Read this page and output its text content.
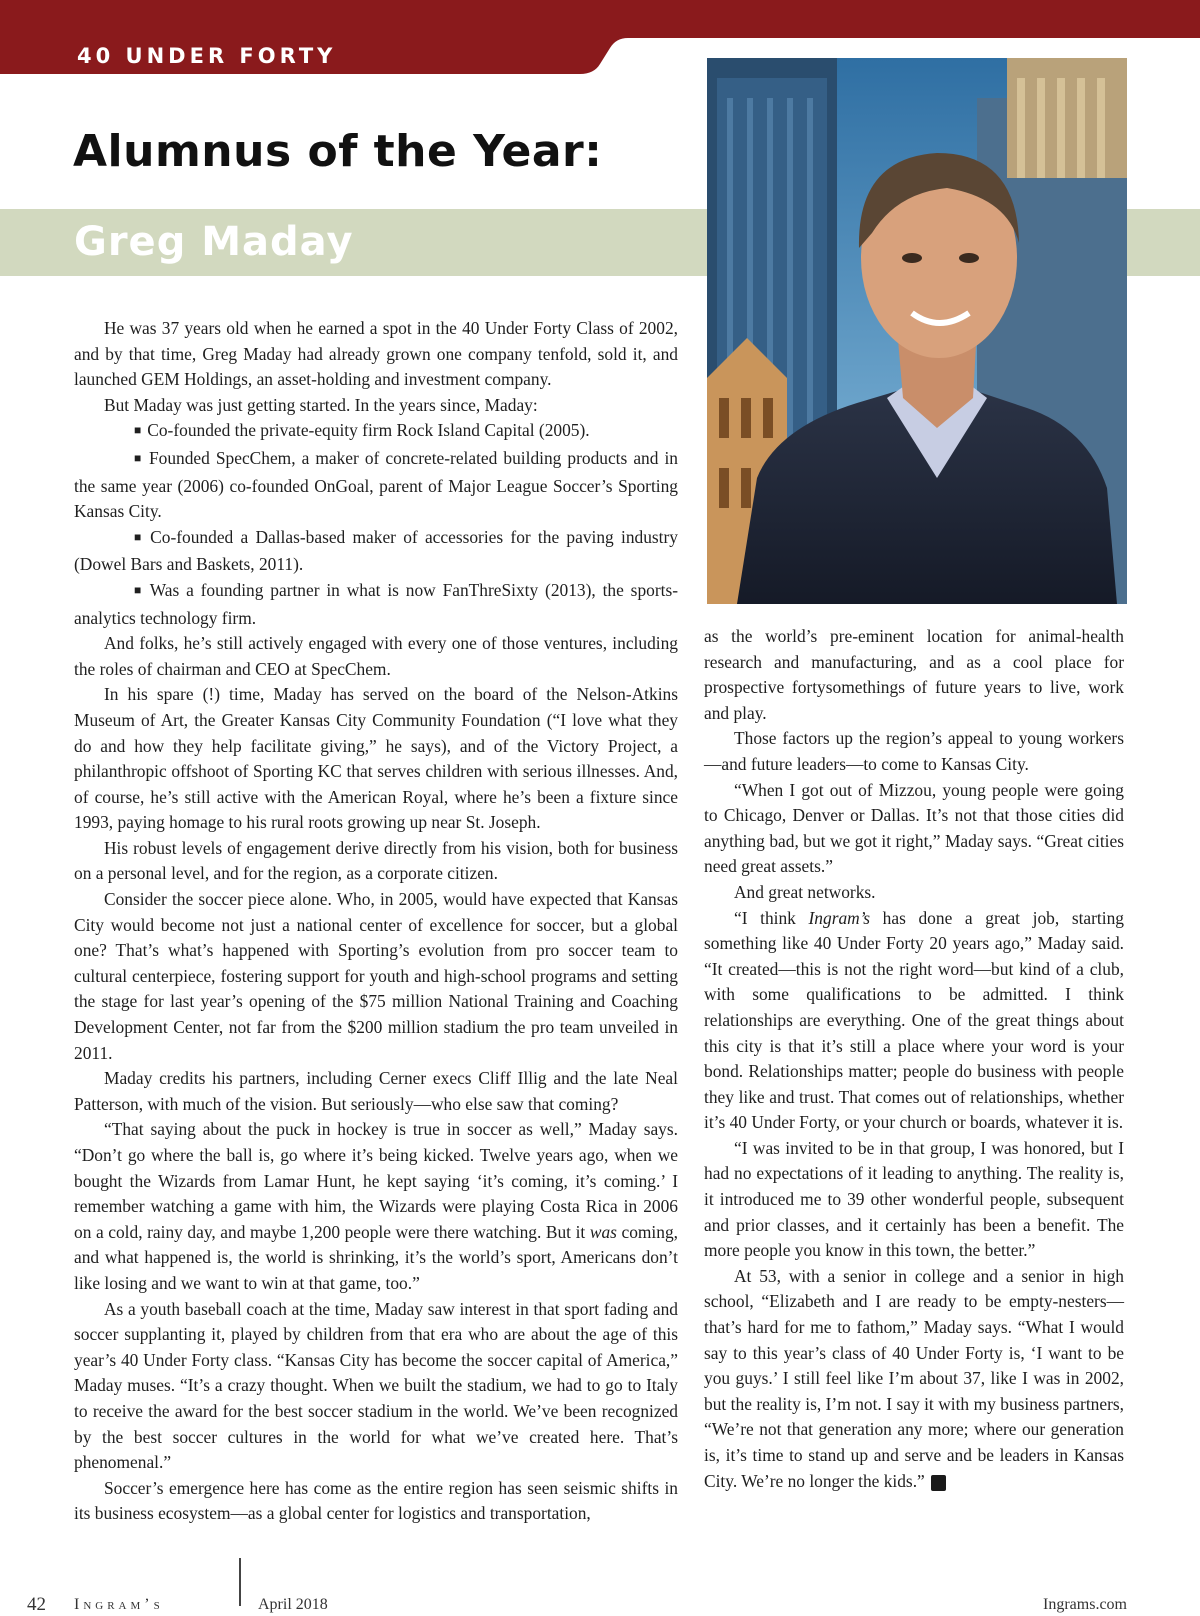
40 UNDER FORTY
Alumnus of the Year:
Greg Maday

He was 37 years old when he earned a spot in the 40 Under Forty Class of 2002, and by that time, Greg Maday had already grown one company tenfold, sold it, and launched GEM Holdings, an asset-holding and investment company.

But Maday was just getting started. In the years since, Maday:

■ Co-founded the private-equity firm Rock Island Capital (2005).

■ Founded SpecChem, a maker of concrete-related building products and in the same year (2006) co-founded OnGoal, parent of Major League Soccer’s Sporting Kansas City.

■ Co-founded a Dallas-based maker of accessories for the paving industry (Dowel Bars and Baskets, 2011).

■ Was a founding partner in what is now FanThreSixty (2013), the sports-analytics technology firm.

And folks, he’s still actively engaged with every one of those ventures, including the roles of chairman and CEO at SpecChem.

In his spare (!) time, Maday has served on the board of the Nelson-Atkins Museum of Art, the Greater Kansas City Community Foundation (“I love what they do and how they help facilitate giving,” he says), and of the Victory Project, a philanthropic offshoot of Sporting KC that serves children with serious illnesses. And, of course, he’s still active with the American Royal, where he’s been a fixture since 1993, paying homage to his rural roots growing up near St. Joseph.

His robust levels of engagement derive directly from his vision, both for business on a personal level, and for the region, as a corporate citizen.

Consider the soccer piece alone. Who, in 2005, would have expected that Kansas City would become not just a national center of excellence for soccer, but a global one? That’s what’s happened with Sporting’s evolution from pro soccer team to cultural centerpiece, fostering support for youth and high-school programs and setting the stage for last year’s opening of the $75 million National Training and Coaching Development Center, not far from the $200 million stadium the pro team unveiled in 2011.

Maday credits his partners, including Cerner execs Cliff Illig and the late Neal Patterson, with much of the vision. But seriously—who else saw that coming?

“That saying about the puck in hockey is true in soccer as well,” Maday says. “Don’t go where the ball is, go where it’s being kicked. Twelve years ago, when we bought the Wizards from Lamar Hunt, he kept saying ‘it’s coming, it’s coming.’ I remember watching a game with him, the Wizards were playing Costa Rica in 2006 on a cold, rainy day, and maybe 1,200 people were there watching. But it was coming, and what happened is, the world is shrinking, it’s the world’s sport, Americans don’t like losing and we want to win at that game, too.”

As a youth baseball coach at the time, Maday saw interest in that sport fading and soccer supplanting it, played by children from that era who are about the age of this year’s 40 Under Forty class. “Kansas City has become the soccer capital of America,” Maday muses. “It’s a crazy thought. When we built the stadium, we had to go to Italy to receive the award for the best soccer stadium in the world. We’ve been recognized by the best soccer cultures in the world for what we’ve created here. That’s phenomenal.”

Soccer’s emergence here has come as the entire region has seen seismic shifts in its business ecosystem—as a global center for logistics and transportation,

as the world’s pre-eminent location for animal-health research and manufacturing, and as a cool place for prospective fortysomethings of future years to live, work and play.

Those factors up the region’s appeal to young workers—and future leaders—to come to Kansas City.

“When I got out of Mizzou, young people were going to Chicago, Denver or Dallas. It’s not that those cities did anything bad, but we got it right,” Maday says. “Great cities need great assets.”

And great networks.

“I think Ingram’s has done a great job, starting something like 40 Under Forty 20 years ago,” Maday said. “It created—this is not the right word—but kind of a club, with some qualifications to be admitted. I think relationships are everything. One of the great things about this city is that it’s still a place where your word is your bond. Relationships matter; people do business with people they like and trust. That comes out of relationships, whether it’s 40 Under Forty, or your church or boards, whatever it is.

“I was invited to be in that group, I was honored, but I had no expectations of it leading to anything. The reality is, it introduced me to 39 other wonderful people, subsequent and prior classes, and it certainly has been a benefit. The more people you know in this town, the better.”

At 53, with a senior in college and a senior in high school, “Elizabeth and I are ready to be empty-nesters—that’s hard for me to fathom,” Maday says. “What I would say to this year’s class of 40 Under Forty is, ‘I want to be you guys.’ I still feel like I’m about 37, like I was in 2002, but the reality is, I’m not. I say it with my business partners, “We’re not that generation any more; where our generation is, it’s time to stand up and serve and be leaders in Kansas City. We’re no longer the kids.”	I

42 Ingram’s	April 2018	Ingrams.com
